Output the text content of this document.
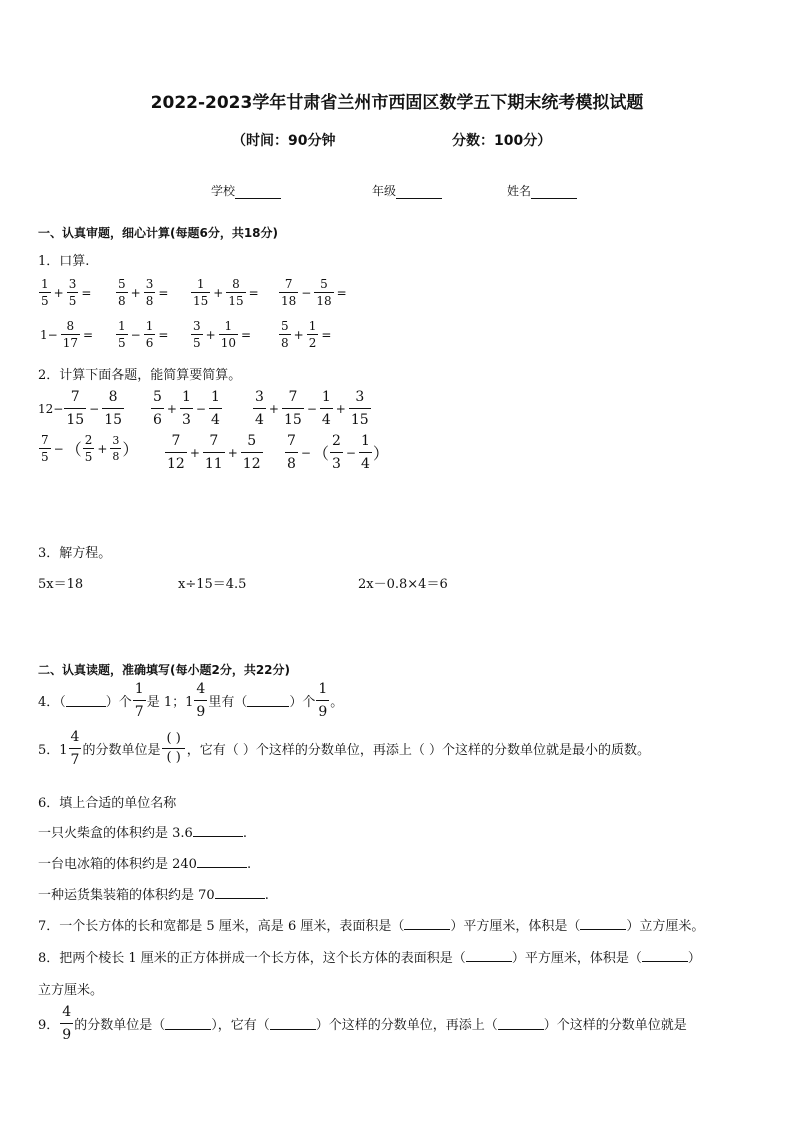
2022-2023学年甘肃省兰州市西固区数学五下期末统考模拟试题
（时间：90分钟	分数：100分）
学校	年级	姓名
一、认真审题，细心计算(每题6分，共18分)
1．口算.
$\frac{1}{5} + \frac{3}{5} = \frac{5}{8} + \frac{3}{8} = \frac{1}{15} + \frac{8}{15} = \frac{7}{18} - \frac{5}{18}$ =
$1- \frac{8}{17} = \frac{1}{5} - \frac{1}{6} = \frac{3}{5} + \frac{1}{10} = \frac{5}{8} + \frac{1}{2}$ =
2．计算下面各题，能简算要简算。
$12- \frac{7}{15} - \frac{8}{15} \frac{5}{6} + \frac{1}{3} - \frac{1}{4} \frac{3}{4} + \frac{7}{15} - \frac{1}{4} + \frac{3}{15}$
$\frac{7}{5}$ − （ $\frac{2}{5} + \frac{3}{8}$ ） $\frac{7}{12} + \frac{7}{11} + \frac{5}{12} \frac{7}{8}$ − （ $\frac{2}{3} - \frac{1}{4}$ ）
3．解方程。
5x＝18	x÷15＝4.5	2x－0.8×4＝6
二、认真读题，准确填写(每小题2分，共22分)
4．（	）个 $\frac{1}{7}$ 是 1；$1 \frac{4}{9}$ 里有（	）个 $\frac{1}{9}$ 。
5．$1 \frac{4}{7}$ 的分数单位是
( )
( ) ，它有（ ）个这样的分数单位，再添上（ ）个这样的分数单位就是最小的质数。
6．填上合适的单位名称
一只火柴盒的体积约是 3.6	.
一台电冰箱的体积约是 240	.
一种运货集装箱的体积约是 70	.
7．一个长方体的长和宽都是 5 厘米，高是 6 厘米，表面积是（	）平方厘米，体积是（	）立方厘米。
8．把两个棱长 1 厘米的正方体拼成一个长方体，这个长方体的表面积是（	）平方厘米，体积是（	）
立方厘米。
9． $\frac{4}{9}$ 的分数单位是（	），它有（	）个这样的分数单位，再添上（	）个这样的分数单位就是
